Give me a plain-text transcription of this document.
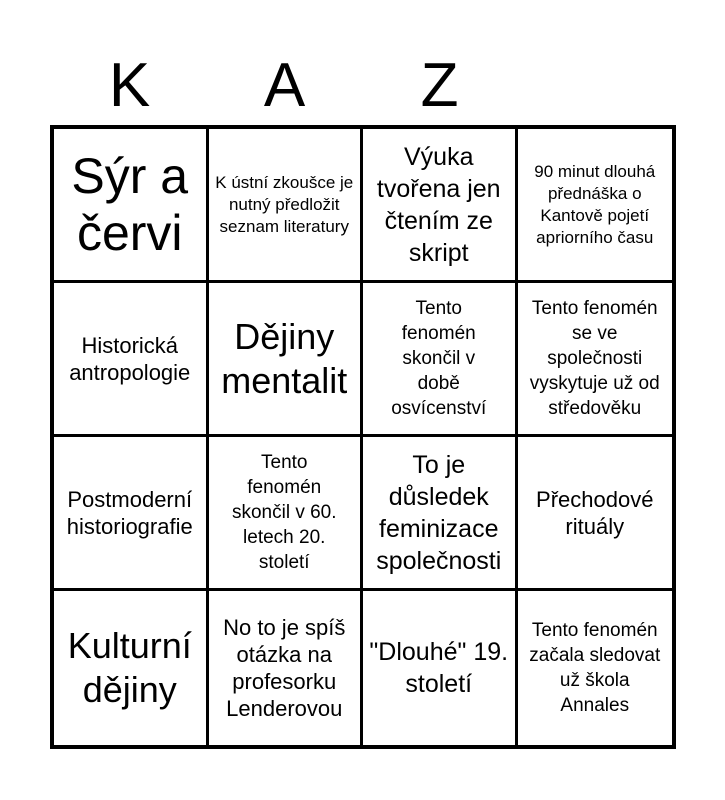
K	A	Z
Sýr a červi
K ústní zkoušce je nutný předložit seznam literatury
Výuka tvořena jen čtením ze skript
90 minut dlouhá přednáška o Kantově pojetí apriorního času
Historická antropologie
Dějiny mentalit
Tento fenomén skončil v době osvícenství
Tento fenomén se ve společnosti vyskytuje už od středověku
Postmoderní historiografie
Tento fenomén skončil v 60. letech 20. století
To je důsledek feminizace společnosti
Přechodové rituály
Kulturní dějiny
No to je spíš otázka na profesorku Lenderovou
"Dlouhé" 19. století
Tento fenomén začala sledovat už škola Annales
